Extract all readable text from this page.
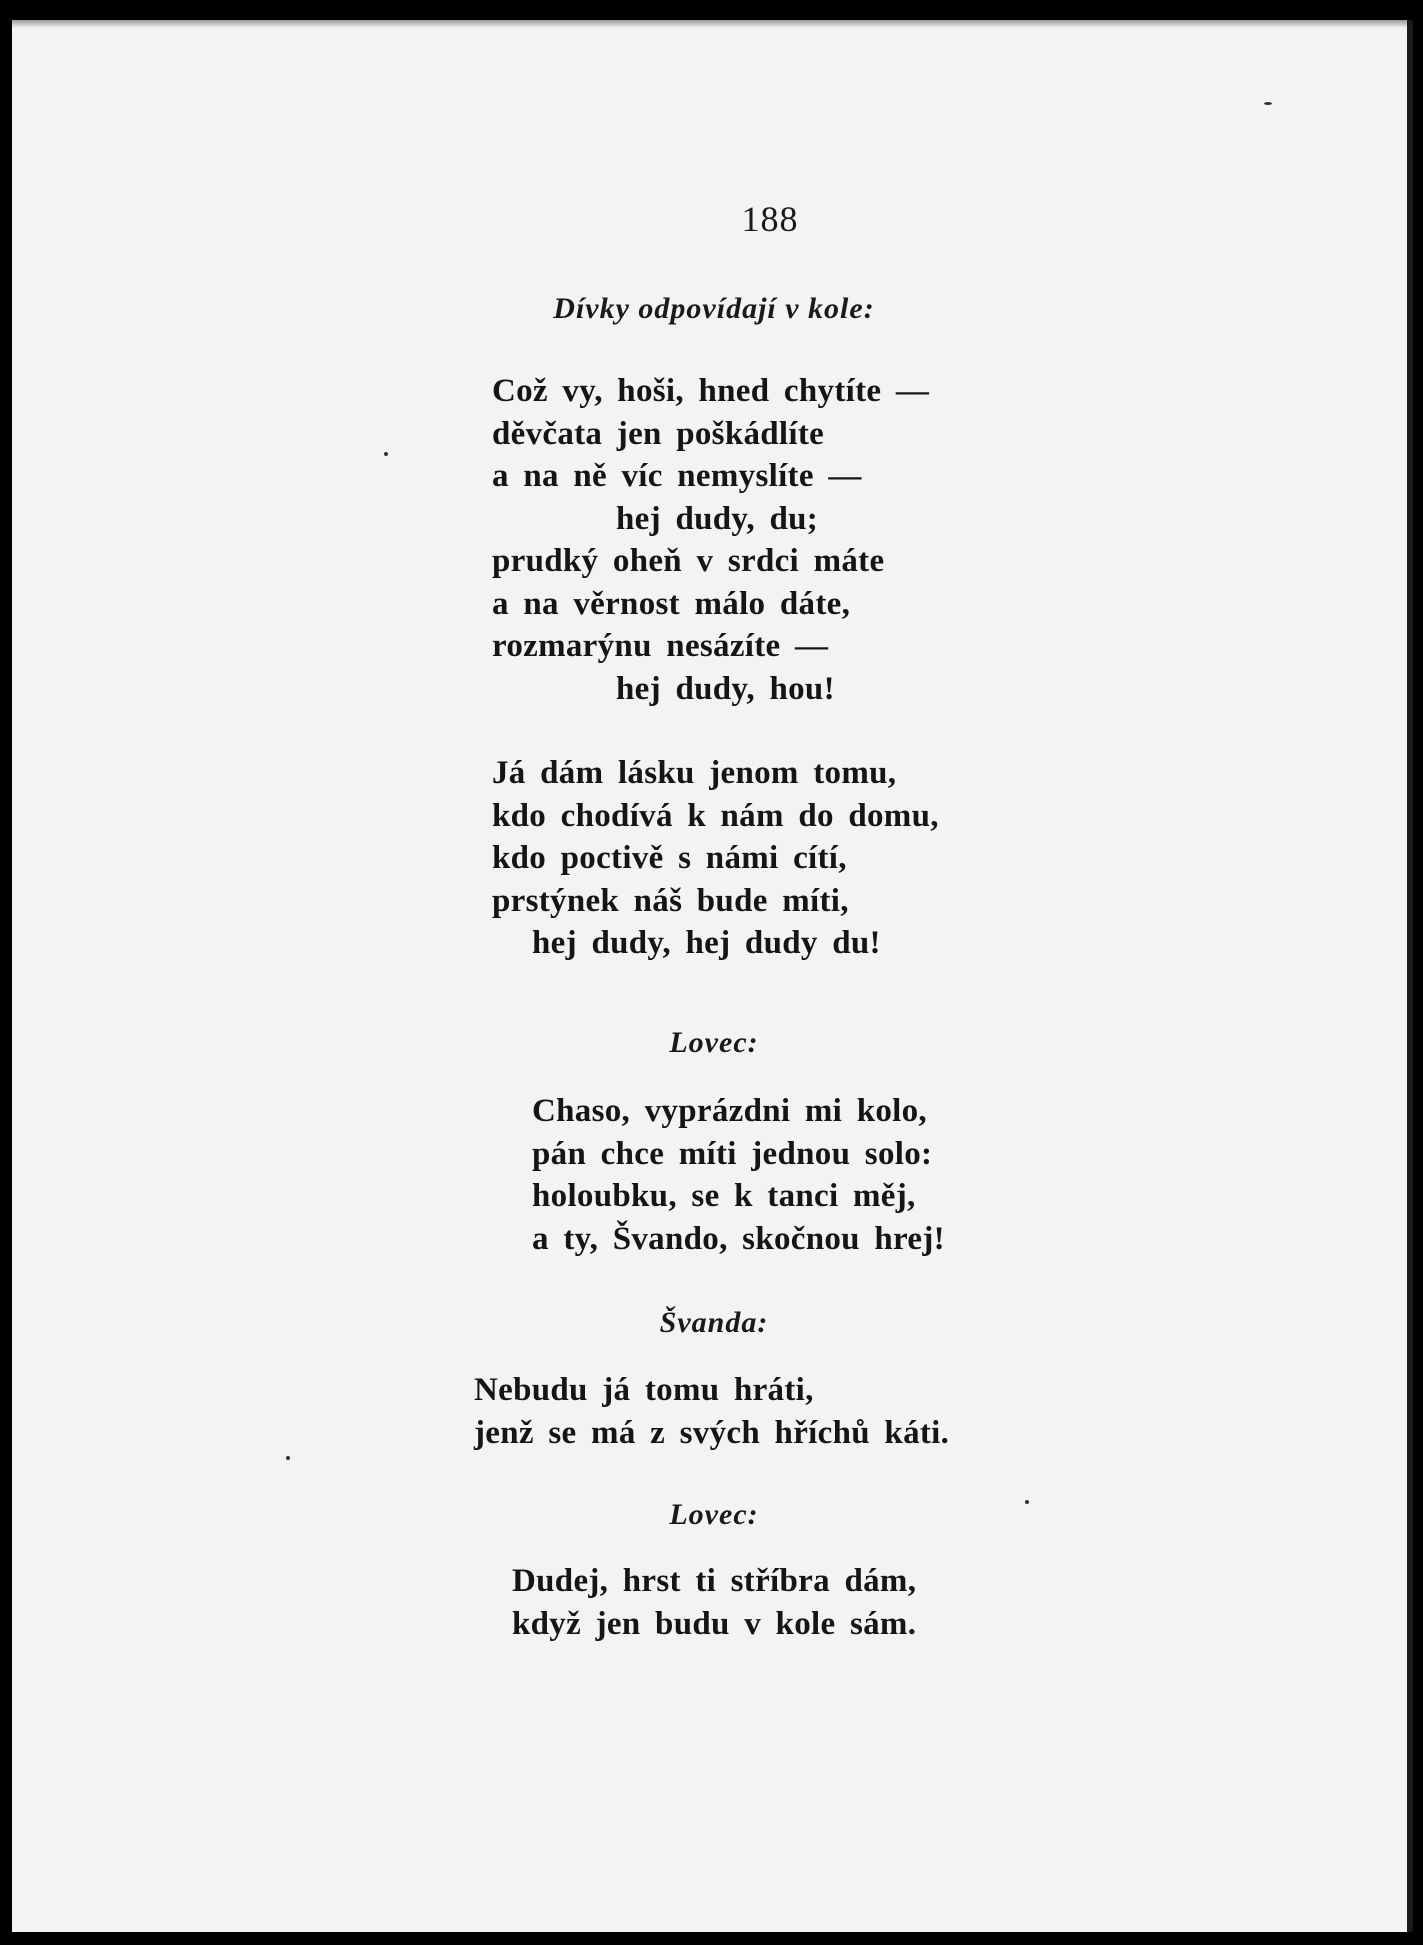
188
Dívky odpovídají v kole:
Což vy, hoši, hned chytíte —
děvčata jen poškádlíte
a na ně víc nemyslíte —
hej dudy, du;
prudký oheň v srdci máte
a na věrnost málo dáte,
rozmarýnu nesázíte —
hej dudy, hou!
Já dám lásku jenom tomu,
kdo chodívá k nám do domu,
kdo poctivě s námi cítí,
prstýnek náš bude míti,
hej dudy, hej dudy du!
Lovec:
Chaso, vyprázdni mi kolo,
pán chce míti jednou solo:
holoubku, se k tanci měj,
a ty, Švando, skočnou hrej!
Švanda:
Nebudu já tomu hráti,
jenž se má z svých hříchů káti.
Lovec:
Dudej, hrst ti stříbra dám,
když jen budu v kole sám.
